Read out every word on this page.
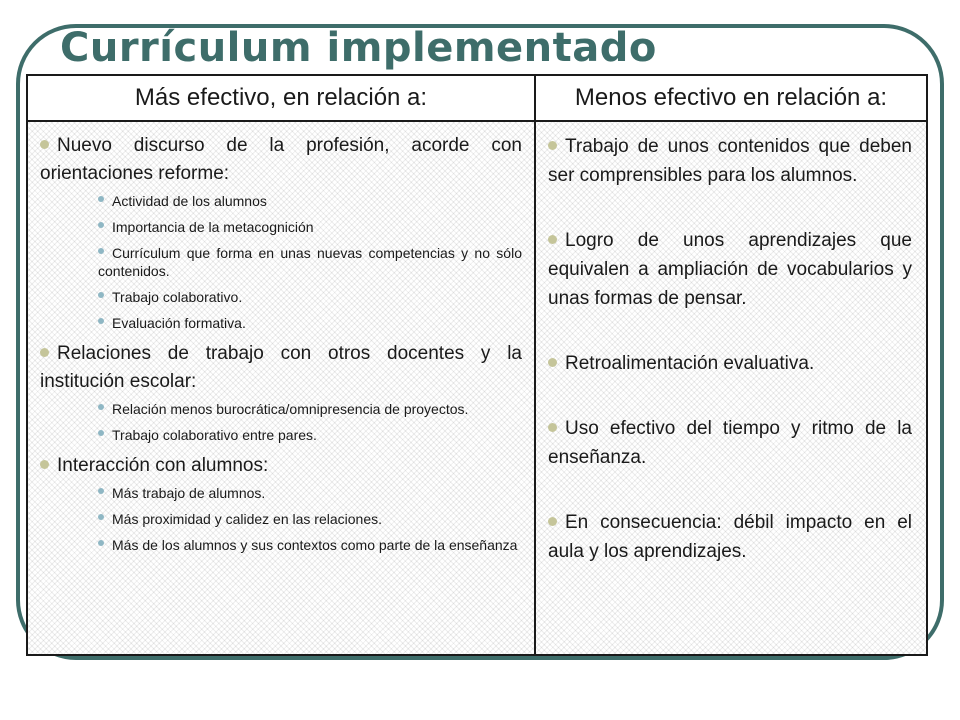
Currículum implementado
Más efectivo, en relación a:	Menos efectivo en relación a:

Nuevo discurso de la profesión, acorde con orientaciones reforme:

Actividad de los alumnos
Importancia de la metacognición
Currículum que forma en unas nuevas competencias y no sólo contenidos.
Trabajo colaborativo.
Evaluación formativa.

Relaciones de trabajo con otros docentes y la institución escolar:

Relación menos burocrática/omnipresencia de proyectos.
Trabajo colaborativo entre pares.

Interacción con alumnos:

Más trabajo de alumnos.
Más proximidad y calidez en las relaciones.
Más de los alumnos y sus contextos como parte de la enseñanza

Trabajo de unos contenidos que deben ser comprensibles para los alumnos.

Logro de unos aprendizajes que equivalen a ampliación de vocabularios y unas formas de pensar.

Retroalimentación evaluativa.

Uso efectivo del tiempo y ritmo de la enseñanza.

En consecuencia: débil impacto en el aula y los aprendizajes.
